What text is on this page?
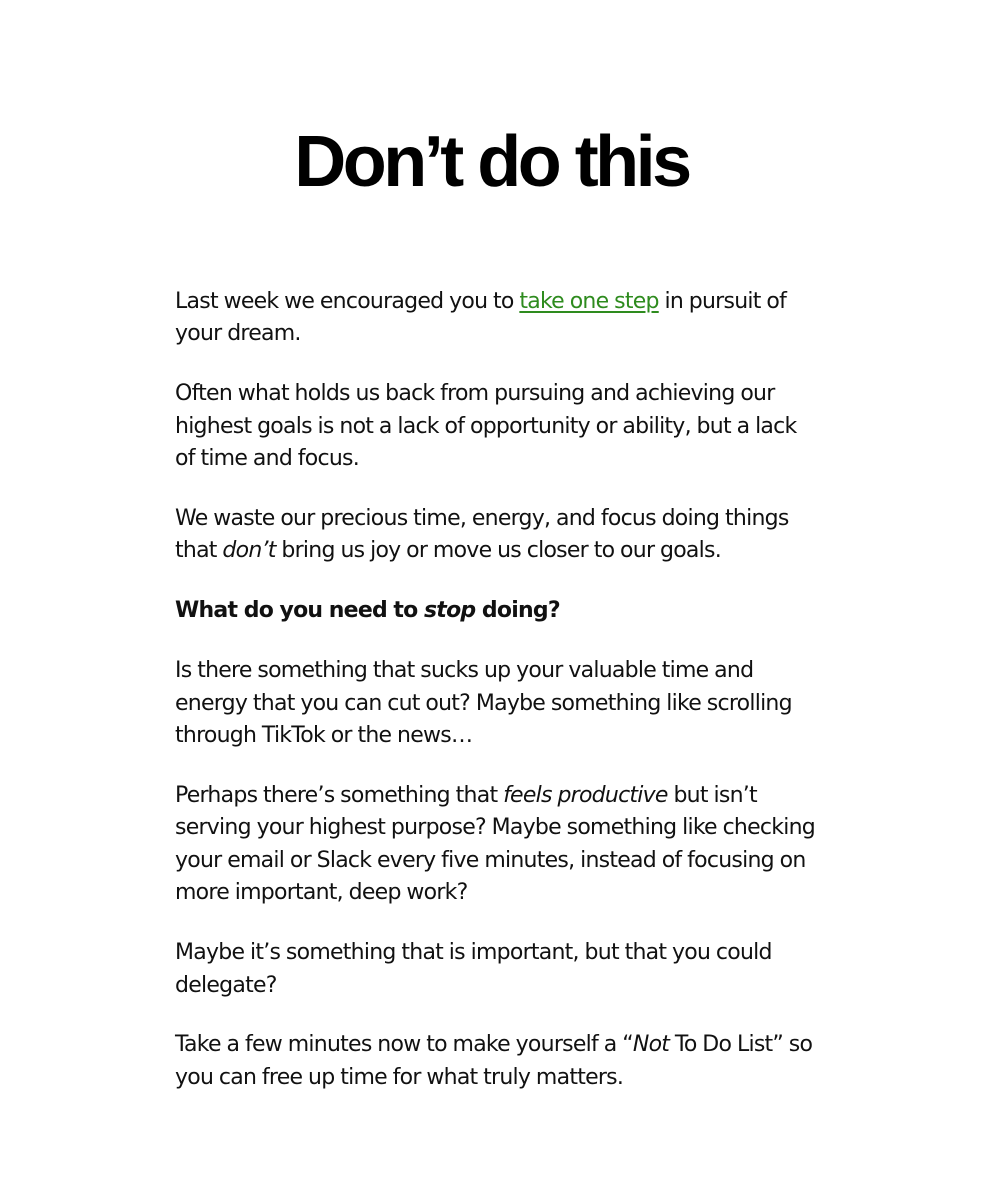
Don’t do this

Last week we encouraged you to take one step in pursuit of your dream.

Often what holds us back from pursuing and achieving our highest goals is not a lack of opportunity or ability, but a lack of time and focus.

We waste our precious time, energy, and focus doing things that don’t bring us joy or move us closer to our goals.

What do you need to stop doing?

Is there something that sucks up your valuable time and energy that you can cut out? Maybe something like scrolling through TikTok or the news…

Perhaps there’s something that feels productive but isn’t serving your highest purpose? Maybe something like checking your email or Slack every five minutes, instead of focusing on more important, deep work?

Maybe it’s something that is important, but that you could delegate?

Take a few minutes now to make yourself a “Not To Do List” so you can free up time for what truly matters.
